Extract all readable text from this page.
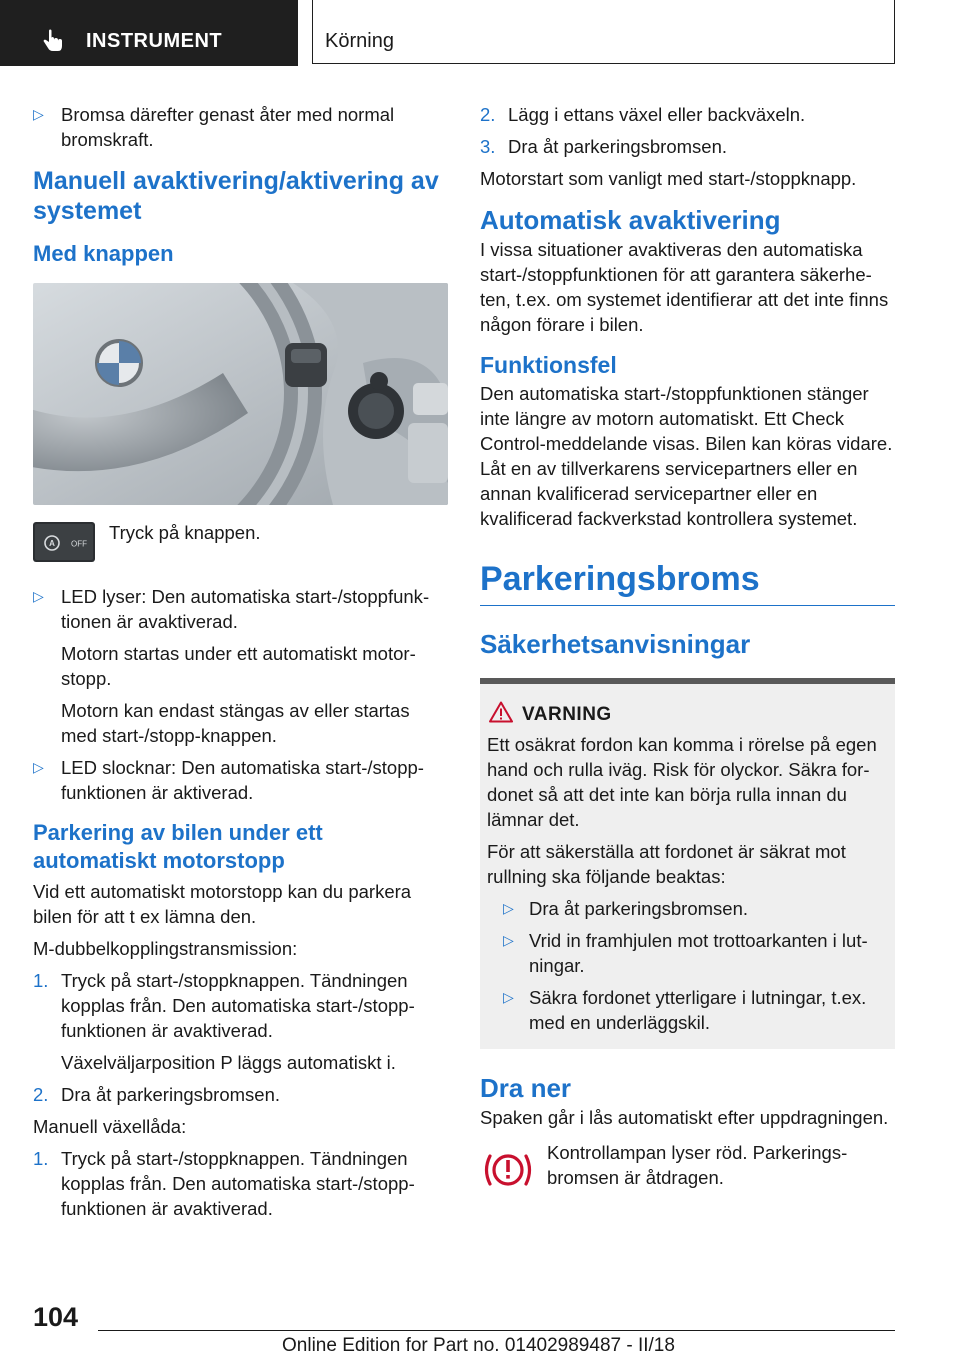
INSTRUMENT	Körning
▷ Bromsa därefter genast åter med normal bromskraft.
Manuell avaktivering/aktivering av systemet
Med knappen
A OFF

Tryck på knappen.

▷ LED lyser: Den automatiska start-/stoppfunktionen är avaktiverad.

Motorn startas under ett automatiskt motorstopp.

Motorn kan endast stängas av eller startas med start-/stopp-knappen.

▷ LED slocknar: Den automatiska start-/stoppfunktionen är aktiverad.
Parkering av bilen under ett automatiskt motorstopp

Vid ett automatiskt motorstopp kan du parkera bilen för att t ex lämna den.

M-dubbelkopplingstransmission:

1. Tryck på start-/stoppknappen. Tändningen kopplas från. Den automatiska start-/stoppfunktionen är avaktiverad.

Växelväljarposition P läggs automatiskt i.

2. Dra åt parkeringsbromsen.

Manuell växellåda:

1. Tryck på start-/stoppknappen. Tändningen kopplas från. Den automatiska start-/stoppfunktionen är avaktiverad.
2. Lägg i ettans växel eller backväxeln.
3. Dra åt parkeringsbromsen.

Motorstart som vanligt med start-/stoppknapp.

Automatisk avaktivering

I vissa situationer avaktiveras den automatiska start-/stoppfunktionen för att garantera säkerheten, t.ex. om systemet identifierar att det inte finns någon förare i bilen.

Funktionsfel

Den automatiska start-/stoppfunktionen stänger inte längre av motorn automatiskt. Ett Check Control-meddelande visas. Bilen kan köras vidare. Låt en av tillverkarens servicepartners eller en annan kvalificerad servicepartner eller en kvalificerad fackverkstad kontrollera systemet.

Parkeringsbroms
Säkerhetsanvisningar
VARNING

Ett osäkrat fordon kan komma i rörelse på egen hand och rulla iväg. Risk för olyckor. Säkra fordonet så att det inte kan börja rulla innan du lämnar det.

För att säkerställa att fordonet är säkrat mot rullning ska följande beaktas:

▷ Dra åt parkeringsbromsen.
▷ Vrid in framhjulen mot trottoarkanten i lutningar.
▷ Säkra fordonet ytterligare i lutningar, t.ex. med en underläggskil.
Dra ner

Spaken går i lås automatiskt efter uppdragningen.

Kontrollampan lyser röd. Parkeringsbromsen är åtdragen.

104
Online Edition for Part no. 01402989487 - II/18
